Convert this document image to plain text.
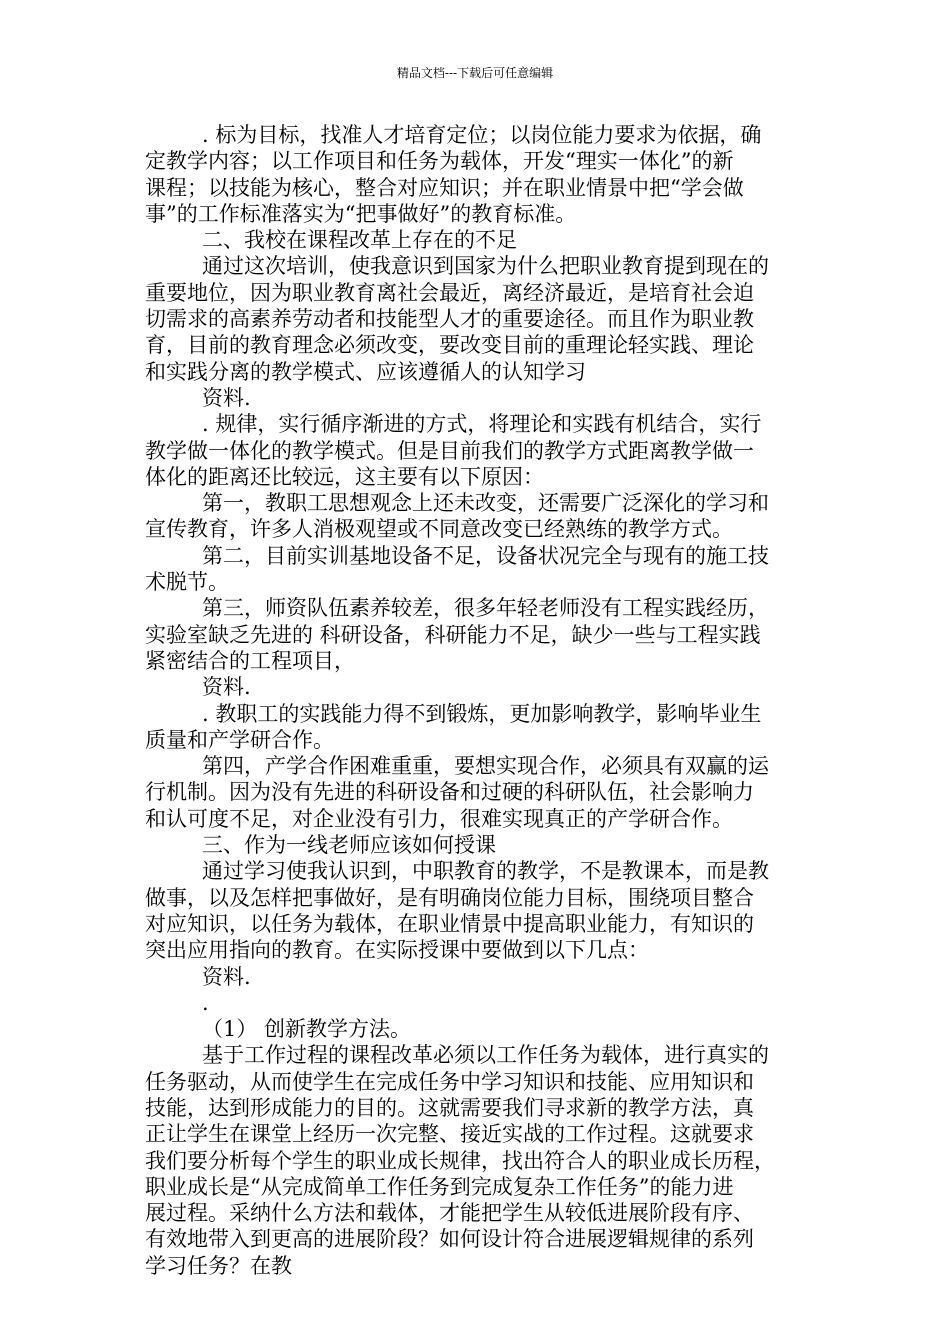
精品文档---下载后可任意编辑
. 标为目标，找准人才培育定位；以岗位能力要求为依据，确
定教学内容；以工作项目和任务为载体，开发“理实一体化”的新
课程；以技能为核心，整合对应知识；并在职业情景中把“学会做
事”的工作标准落实为“把事做好”的教育标准。
二、我校在课程改革上存在的不足
通过这次培训，使我意识到国家为什么把职业教育提到现在的
重要地位，因为职业教育离社会最近，离经济最近，是培育社会迫
切需求的高素养劳动者和技能型人才的重要途径。而且作为职业教
育，目前的教育理念必须改变，要改变目前的重理论轻实践、理论
和实践分离的教学模式、应该遵循人的认知学习
资料.
. 规律，实行循序渐进的方式，将理论和实践有机结合，实行
教学做一体化的教学模式。但是目前我们的教学方式距离教学做一
体化的距离还比较远，这主要有以下原因：
第一，教职工思想观念上还未改变，还需要广泛深化的学习和
宣传教育，许多人消极观望或不同意改变已经熟练的教学方式。
第二，目前实训基地设备不足，设备状况完全与现有的施工技
术脱节。
第三，师资队伍素养较差，很多年轻老师没有工程实践经历，
实验室缺乏先进的 科研设备，科研能力不足，缺少一些与工程实践
紧密结合的工程项目，
资料.
. 教职工的实践能力得不到锻炼，更加影响教学，影响毕业生
质量和产学研合作。
第四，产学合作困难重重，要想实现合作，必须具有双赢的运
行机制。因为没有先进的科研设备和过硬的科研队伍，社会影响力
和认可度不足，对企业没有引力，很难实现真正的产学研合作。
三、作为一线老师应该如何授课
通过学习使我认识到，中职教育的教学，不是教课本，而是教
做事，以及怎样把事做好，是有明确岗位能力目标，围绕项目整合
对应知识，以任务为载体，在职业情景中提高职业能力，有知识的
突出应用指向的教育。在实际授课中要做到以下几点：
资料.
.
（1） 创新教学方法。
基于工作过程的课程改革必须以工作任务为载体，进行真实的
任务驱动，从而使学生在完成任务中学习知识和技能、应用知识和
技能，达到形成能力的目的。这就需要我们寻求新的教学方法，真
正让学生在课堂上经历一次完整、接近实战的工作过程。这就要求
我们要分析每个学生的职业成长规律，找出符合人的职业成长历程，
职业成长是“从完成简单工作任务到完成复杂工作任务”的能力进
展过程。采纳什么方法和载体，才能把学生从较低进展阶段有序、
有效地带入到更高的进展阶段？如何设计符合进展逻辑规律的系列
学习任务？在教
